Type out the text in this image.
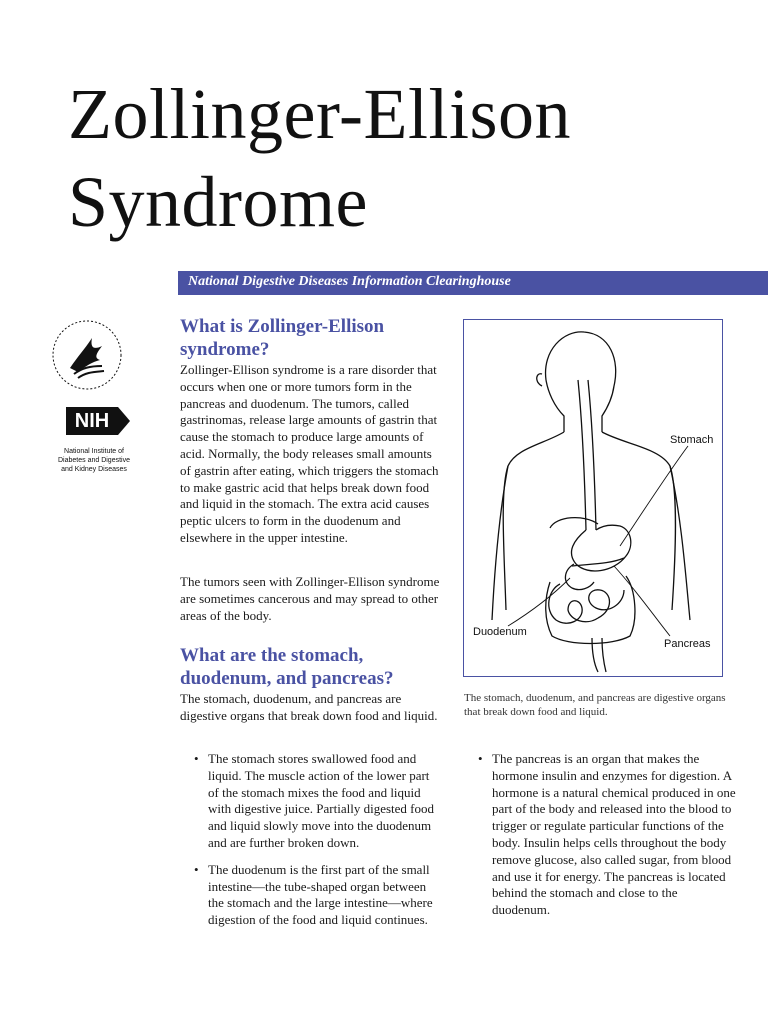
Zollinger-Ellison
Syndrome
National Digestive Diseases Information Clearinghouse
NIH
National Institute of
Diabetes and Digestive
and Kidney Diseases
What is Zollinger-Ellison syndrome?

Zollinger-Ellison syndrome is a rare disorder that occurs when one or more tumors form in the pancreas and duodenum. The tumors, called gastrinomas, release large amounts of gastrin that cause the stomach to produce large amounts of acid. Normally, the body releases small amounts of gastrin after eating, which triggers the stomach to make gastric acid that helps break down food and liquid in the stomach. The extra acid causes peptic ulcers to form in the duodenum and elsewhere in the upper intestine.

The tumors seen with Zollinger-Ellison syndrome are sometimes cancerous and may spread to other areas of the body.

What are the stomach, duodenum, and pancreas?

The stomach, duodenum, and pancreas are digestive organs that break down food and liquid.

• The stomach stores swallowed food and liquid. The muscle action of the lower part of the stomach mixes the food and liquid with digestive juice. Partially digested food and liquid slowly move into the duodenum and are further broken down.
• The duodenum is the first part of the small intestine—the tube-shaped organ between the stomach and the large intestine—where digestion of the food and liquid continues.
• The pancreas is an organ that makes the hormone insulin and enzymes for digestion. A hormone is a natural chemical produced in one part of the body and released into the blood to trigger or regulate particular functions of the body. Insulin helps cells throughout the body remove glucose, also called sugar, from blood and use it for energy. The pancreas is located behind the stomach and close to the duodenum.
Stomach
Duodenum
Pancreas

The stomach, duodenum, and pancreas are digestive organs that break down food and liquid.
